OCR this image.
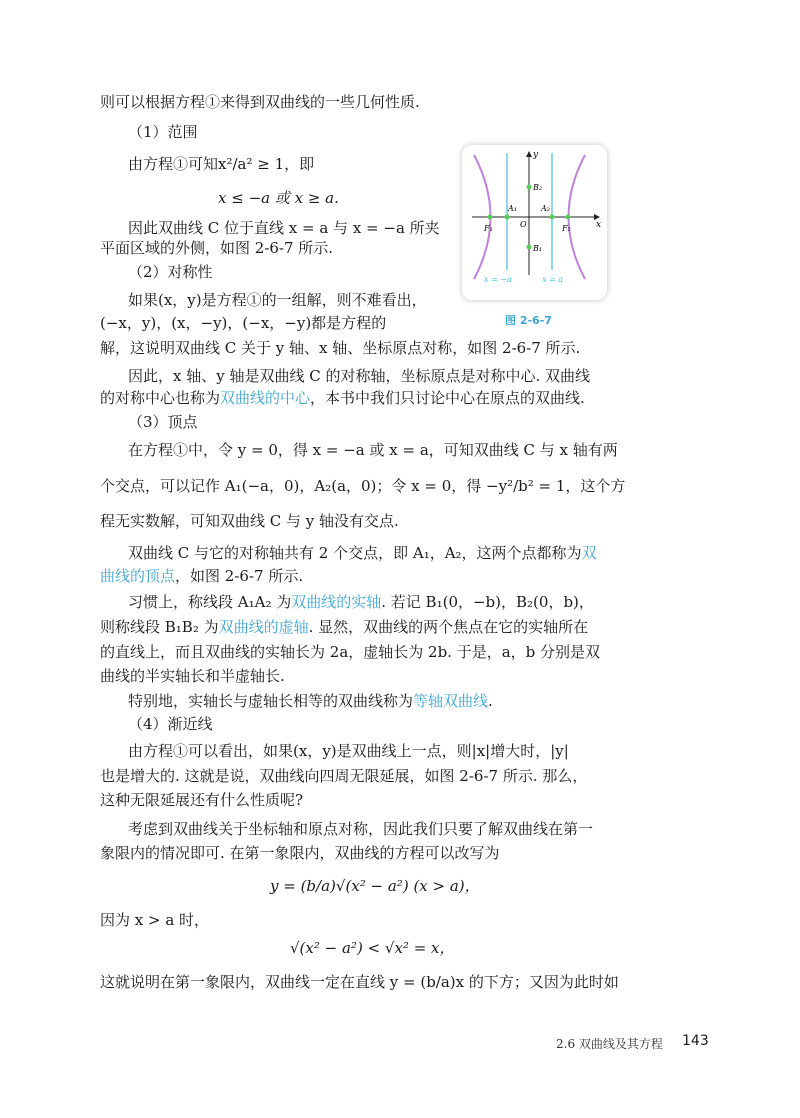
则可以根据方程①来得到双曲线的一些几何性质.
（1）范围
由方程①可知x²/a² ≥ 1，即
x ≤ −a 或 x ≥ a.
因此双曲线 C 位于直线 x = a 与 x = −a 所夹
平面区域的外侧，如图 2-6-7 所示.
（2）对称性
如果(x，y)是方程①的一组解，则不难看出，
(−x，y)，(x，−y)，(−x，−y)都是方程的
解，这说明双曲线 C 关于 y 轴、x 轴、坐标原点对称，如图 2-6-7 所示.
因此，x 轴、y 轴是双曲线 C 的对称轴，坐标原点是对称中心. 双曲线
的对称中心也称为双曲线的中心，本书中我们只讨论中心在原点的双曲线.
（3）顶点
在方程①中，令 y = 0，得 x = −a 或 x = a，可知双曲线 C 与 x 轴有两
个交点，可以记作 A₁(−a，0)，A₂(a，0)；令 x = 0，得 −y²/b² = 1，这个方
程无实数解，可知双曲线 C 与 y 轴没有交点.
双曲线 C 与它的对称轴共有 2 个交点，即 A₁，A₂，这两个点都称为双
曲线的顶点，如图 2-6-7 所示.
习惯上，称线段 A₁A₂ 为双曲线的实轴. 若记 B₁(0，−b)，B₂(0，b)，
则称线段 B₁B₂ 为双曲线的虚轴. 显然，双曲线的两个焦点在它的实轴所在
的直线上，而且双曲线的实轴长为 2a，虚轴长为 2b. 于是，a，b 分别是双
曲线的半实轴长和半虚轴长.
特别地，实轴长与虚轴长相等的双曲线称为等轴双曲线.
（4）渐近线
由方程①可以看出，如果(x，y)是双曲线上一点，则|x|增大时，|y|
也是增大的. 这就是说，双曲线向四周无限延展，如图 2-6-7 所示. 那么，
这种无限延展还有什么性质呢?
考虑到双曲线关于坐标轴和原点对称，因此我们只要了解双曲线在第一
象限内的情况即可. 在第一象限内，双曲线的方程可以改写为
y = (b/a)√(x² − a²) (x > a)，
因为 x > a 时，
√(x² − a²) < √x² = x，
这就说明在第一象限内，双曲线一定在直线 y = (b/a)x 的下方；又因为此时如
x
y
O
A₁	A₂
B₂
B₁
F₁	F₂
x = −a	x = a
图 2-6-7
2.6 双曲线及其方程 143
